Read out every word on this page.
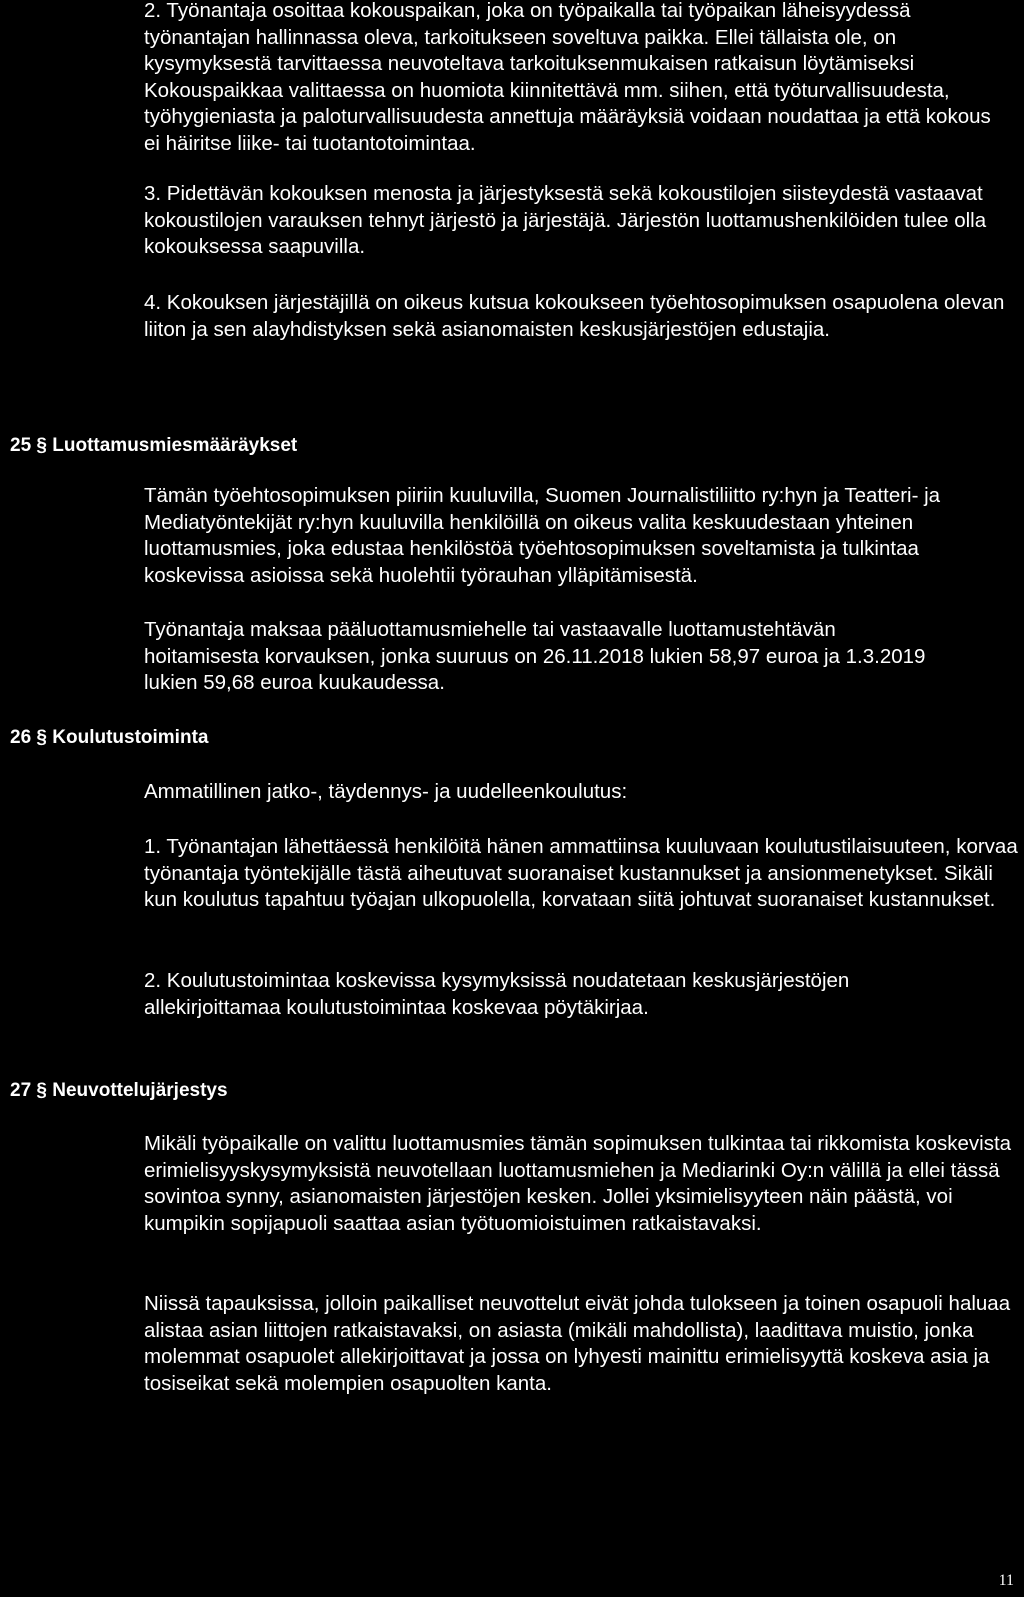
2. Työnantaja osoittaa kokouspaikan, joka on työpaikalla tai työpaikan läheisyydessä työnantajan hallinnassa oleva, tarkoitukseen soveltuva paikka. Ellei tällaista ole, on kysymyksestä tarvittaessa neuvoteltava tarkoituksenmukaisen ratkaisun löytämiseksi Kokouspaikkaa valittaessa on huomiota kiinnitettävä mm. siihen, että työturvallisuudesta, työhygieniasta ja paloturvallisuudesta annettuja määräyksiä voidaan noudattaa ja että kokous ei häiritse liike- tai tuotantotoimintaa.

3. Pidettävän kokouksen menosta ja järjestyksestä sekä kokoustilojen siisteydestä vastaavat kokoustilojen varauksen tehnyt järjestö ja järjestäjä. Järjestön luottamushenkilöiden tulee olla kokouksessa saapuvilla.

4. Kokouksen järjestäjillä on oikeus kutsua kokoukseen työehtosopimuksen osapuolena olevan liiton ja sen alayhdistyksen sekä asianomaisten keskusjärjestöjen edustajia.

25 § Luottamusmiesmääräykset

Tämän työehtosopimuksen piiriin kuuluvilla, Suomen Journalistiliitto ry:hyn ja Teatteri- ja Mediatyöntekijät ry:hyn kuuluvilla henkilöillä on oikeus valita keskuudestaan yhteinen luottamusmies, joka edustaa henkilöstöä työehtosopimuksen soveltamista ja tulkintaa koskevissa asioissa sekä huolehtii työrauhan ylläpitämisestä.

Työnantaja maksaa pääluottamusmiehelle tai vastaavalle luottamustehtävän hoitamisesta korvauksen, jonka suuruus on 26.11.2018 lukien 58,97 euroa ja 1.3.2019 lukien 59,68 euroa kuukaudessa.

26 § Koulutustoiminta

Ammatillinen jatko-, täydennys- ja uudelleenkoulutus:

1. Työnantajan lähettäessä henkilöitä hänen ammattiinsa kuuluvaan koulutustilaisuuteen, korvaa työnantaja työntekijälle tästä aiheutuvat suoranaiset kustannukset ja ansionmenetykset. Sikäli kun koulutus tapahtuu työajan ulkopuolella, korvataan siitä johtuvat suoranaiset kustannukset.

2. Koulutustoimintaa koskevissa kysymyksissä noudatetaan keskusjärjestöjen allekirjoittamaa koulutustoimintaa koskevaa pöytäkirjaa.

27 § Neuvottelujärjestys

Mikäli työpaikalle on valittu luottamusmies tämän sopimuksen tulkintaa tai rikkomista koskevista erimielisyyskysymyksistä neuvotellaan luottamusmiehen ja Mediarinki Oy:n välillä ja ellei tässä sovintoa synny, asianomaisten järjestöjen kesken. Jollei yksimielisyyteen näin päästä, voi kumpikin sopijapuoli saattaa asian työtuomioistuimen ratkaistavaksi.

Niissä tapauksissa, jolloin paikalliset neuvottelut eivät johda tulokseen ja toinen osapuoli haluaa alistaa asian liittojen ratkaistavaksi, on asiasta (mikäli mahdollista), laadittava muistio, jonka molemmat osapuolet allekirjoittavat ja jossa on lyhyesti mainittu erimielisyyttä koskeva asia ja tosiseikat sekä molempien osapuolten kanta.

11
